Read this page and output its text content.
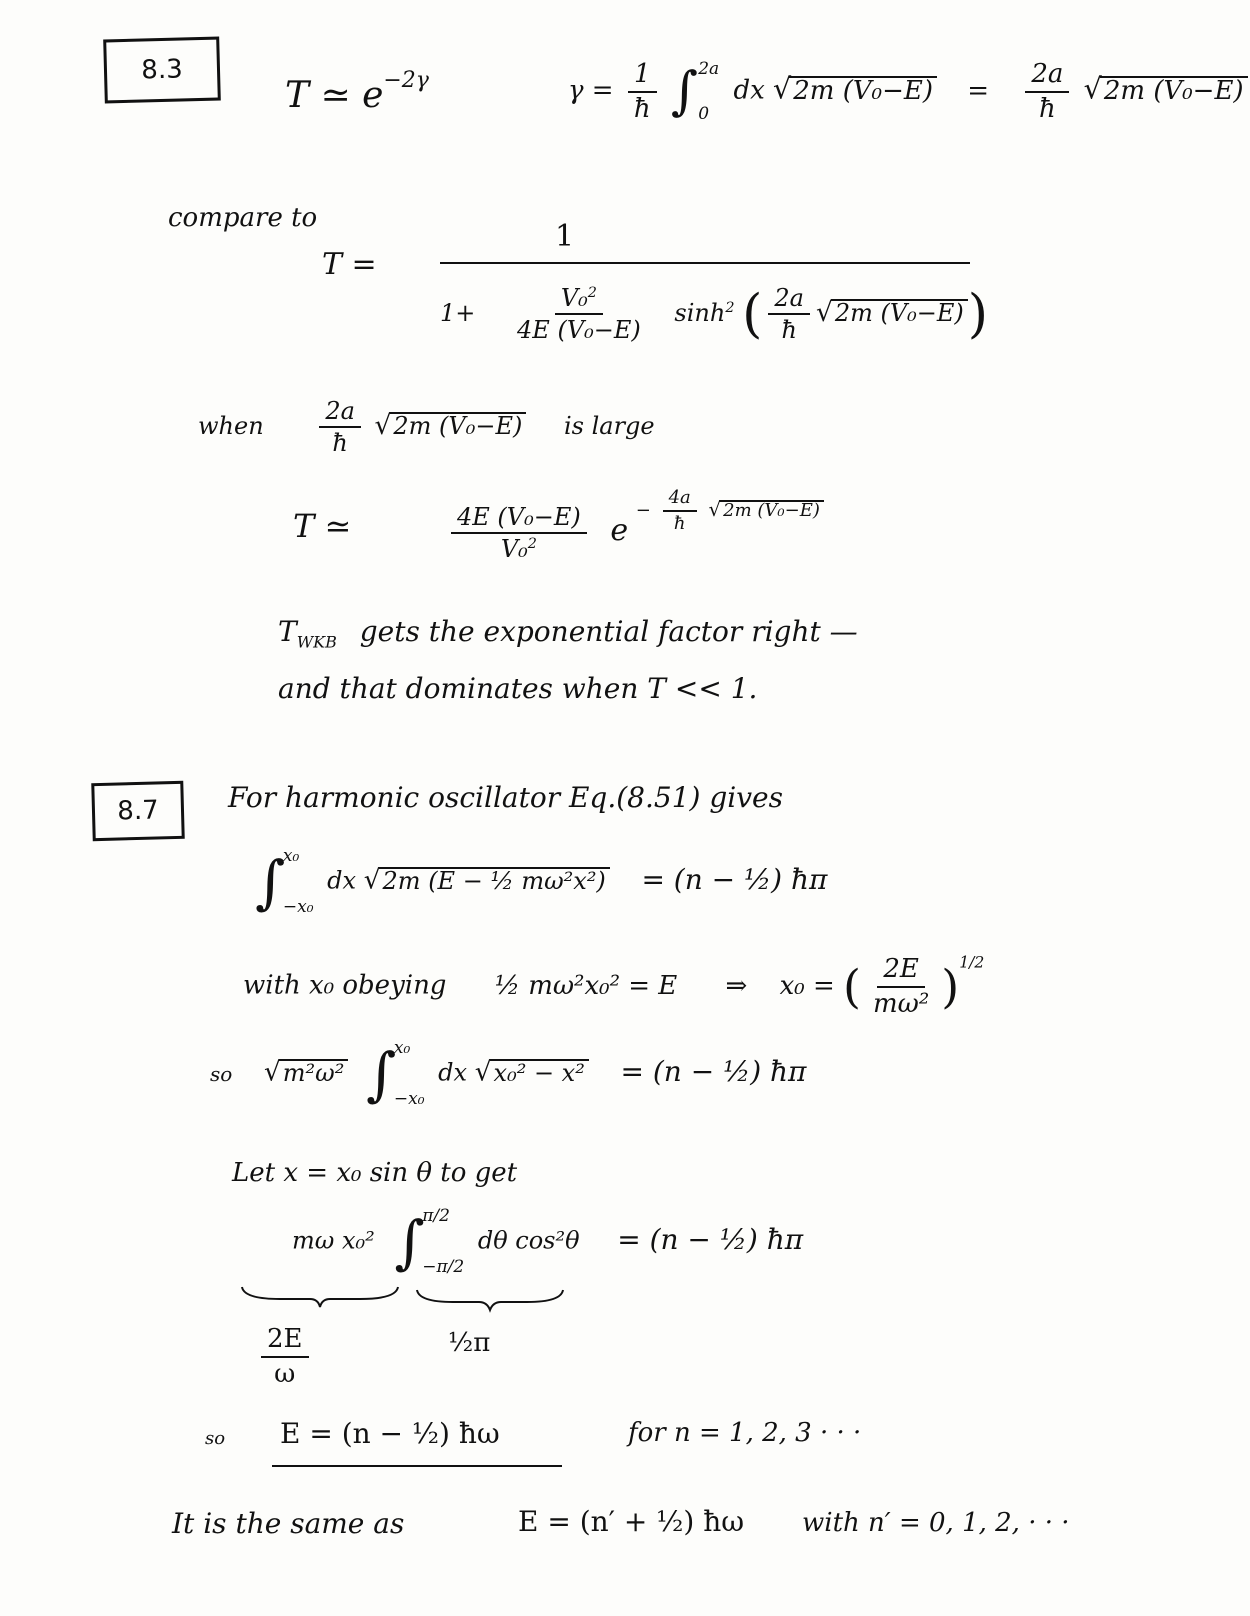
8.3
T ≃ $e^{-2\gamma}$	$\gamma = \frac{1}{ħ}$ ∫ 2a
0
dx √2m $(V_0-E) = \frac{2a}{ħ} √2m$ (V₀−E)
compare to
T =
1
$1+ \frac{V_0^2}{\text{4E (V₀−E)}} \sinh^2$ ( $\frac{2a}{ħ} √2m$ (V₀−E))
when $\frac{2a}{ħ} √2m$ (V₀−E) is large
T ≃	$\frac{\text{4E (V₀−E)}}{V_0^2}$ $e - \frac{4a}{ħ}$ √ 2m (V₀−E)
$T_{WKB}$ gets the exponential factor right —
and that dominates when T << 1.
8.7 For harmonic oscillator Eq.(8.51) gives
∫
x₀
−x₀
dx √2m (E − ½ mω²x²) = (n − ½) ħπ
with x₀ obeying ½ mω²x₀² = E ⇒ x₀ = ( $\frac{2E}{\text{mω²}} )^{1/2}$
so √m²ω² ∫
x₀
−x₀
dx √x₀² − x² = (n − ½) ħπ
Let x = x₀ sin θ to get
mω x₀² ∫
π/2
−π/2
dθ cos²θ = (n − ½) ħπ
$\frac{2E}{\omega}$	½π
so E = (n − ½) ħω	for n = 1, 2, 3 · · ·
It is the same as	E = (n′ + ½) ħω with n′ = 0, 1, 2, · · ·
